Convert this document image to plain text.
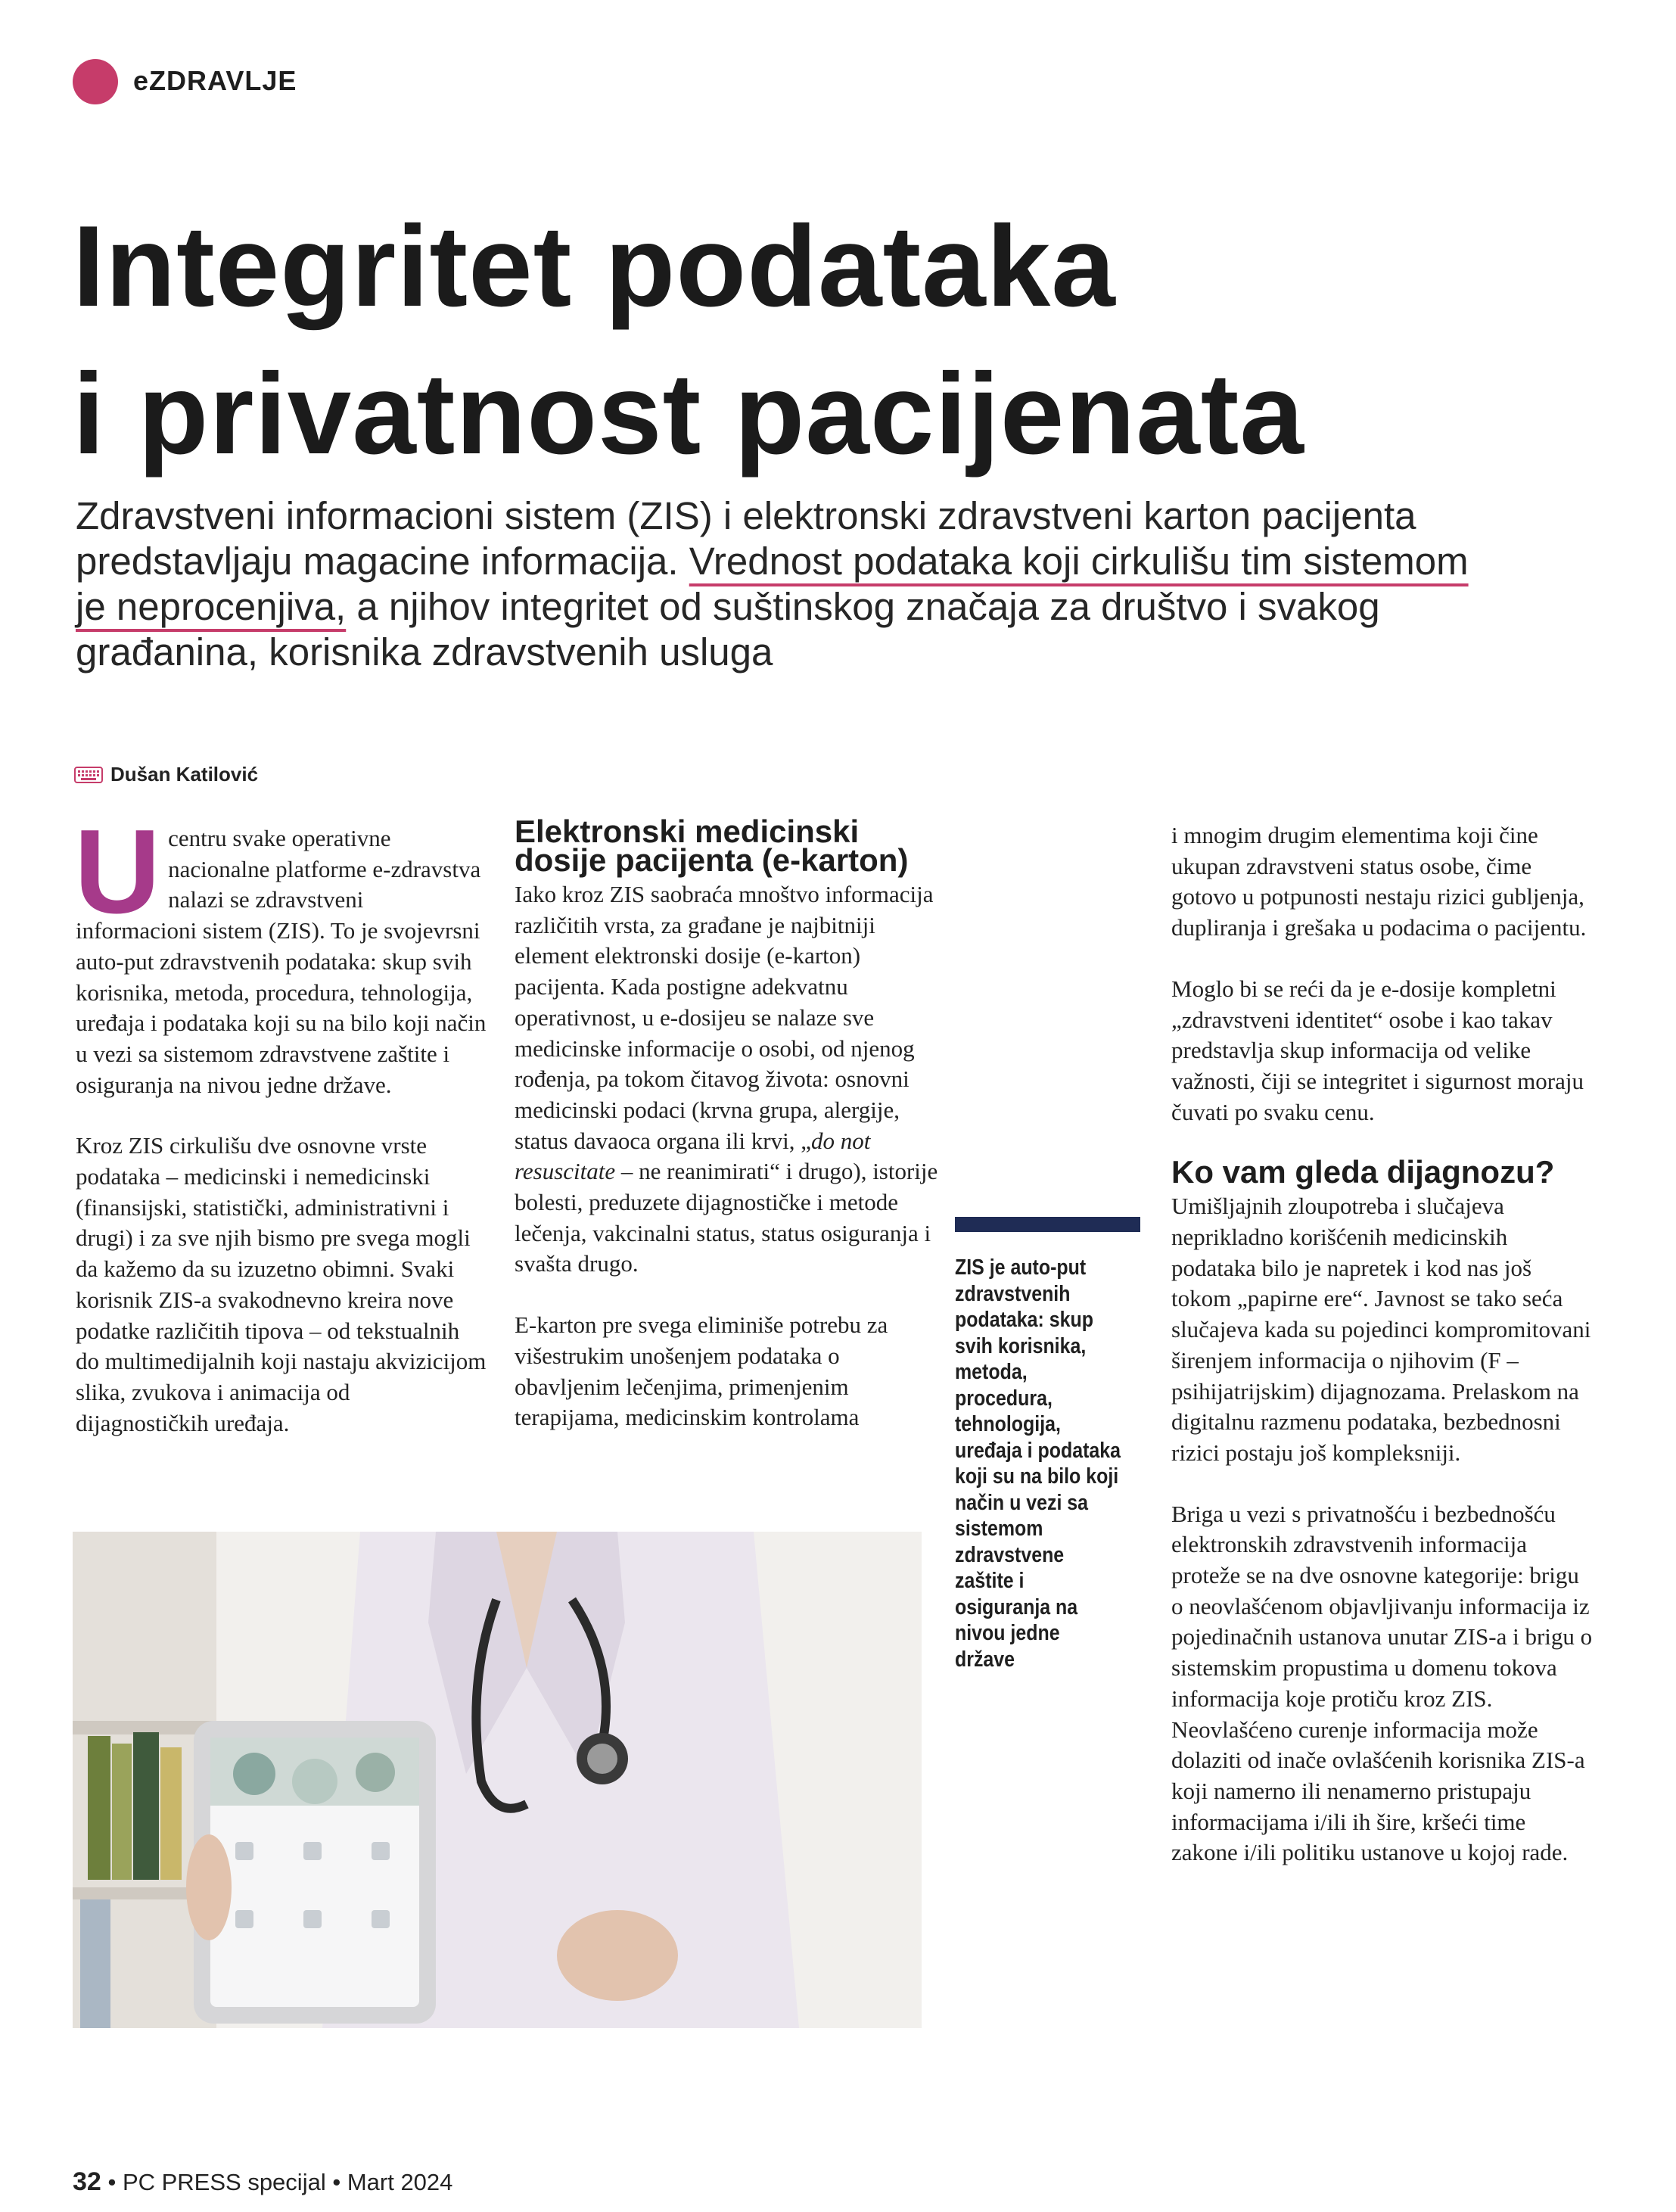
eZDRAVLJE
Integritet podataka
i privatnost pacijenata
Zdravstveni informacioni sistem (ZIS) i elektronski zdravstveni karton pacijenta predstavljaju magacine informacija. Vrednost podataka koji cirkulišu tim sistemom je neprocenjiva, a njihov integritet od suštinskog značaja za društvo i svakog građanina, korisnika zdravstvenih usluga
Dušan Katilović

Ucentru svake operativne nacionalne platforme e-zdravstva nalazi se zdravstveni informacioni sistem (ZIS). To je svojevrsni auto-put zdravstvenih podataka: skup svih korisnika, metoda, procedura, tehnologija, uređaja i podataka koji su na bilo koji način u vezi sa sistemom zdravstvene zaštite i osiguranja na nivou jedne države.

Kroz ZIS cirkulišu dve osnovne vrste podataka – medicinski i nemedicinski (finansijski, statistički, administrativni i drugi) i za sve njih bismo pre svega mogli da kažemo da su izuzetno obimni. Svaki korisnik ZIS-a svakodnevno kreira nove podatke različitih tipova – od tekstualnih do multimedijalnih koji nastaju akvizicijom slika, zvukova i animacija od dijagnostičkih uređaja.

Elektronski medicinski dosije pacijenta (e-karton)

Iako kroz ZIS saobraća mnoštvo informacija različitih vrsta, za građane je najbitniji element elektronski dosije (e-karton) pacijenta. Kada postigne adekvatnu operativnost, u e-dosijeu se nalaze sve medicinske informacije o osobi, od njenog rođenja, pa tokom čitavog života: osnovni medicinski podaci (krvna grupa, alergije, status davaoca organa ili krvi, „do not resuscitate – ne reanimirati“ i drugo), istorije bolesti, preduzete dijagnostičke i metode lečenja, vakcinalni status, status osiguranja i svašta drugo.

E-karton pre svega eliminiše potrebu za višestrukim unošenjem podataka o obavljenim lečenjima, primenjenim terapijama, medicinskim kontrolama

ZIS je auto-put zdravstvenih podataka: skup svih korisnika, metoda, procedura, tehnologija, uređaja i podataka koji su na bilo koji način u vezi sa sistemom zdravstvene zaštite i osiguranja na nivou jedne države

i mnogim drugim elementima koji čine ukupan zdravstveni status osobe, čime gotovo u potpunosti nestaju rizici gubljenja, dupliranja i grešaka u podacima o pacijentu.

Moglo bi se reći da je e-dosije kompletni „zdravstveni identitet“ osobe i kao takav predstavlja skup informacija od velike važnosti, čiji se integritet i sigurnost moraju čuvati po svaku cenu.

Ko vam gleda dijagnozu?

Umišljajnih zloupotreba i slučajeva neprikladno korišćenih medicinskih podataka bilo je napretek i kod nas još tokom „papirne ere“. Javnost se tako seća slučajeva kada su pojedinci kompromitovani širenjem informacija o njihovim (F – psihijatrijskim) dijagnozama. Prelaskom na digitalnu razmenu podataka, bezbednosni rizici postaju još kompleksniji.

Briga u vezi s privatnošću i bezbednošću elektronskih zdravstvenih informacija proteže se na dve osnovne kategorije: brigu o neovlašćenom objavljivanju informacija iz pojedinačnih ustanova unutar ZIS-a i brigu o sistemskim propustima u domenu tokova informacija koje protiču kroz ZIS. Neovlašćeno curenje informacija može dolaziti od inače ovlašćenih korisnika ZIS-a koji namerno ili nenamerno pristupaju informacijama i/ili ih šire, kršeći time zakone i/ili politiku ustanove u kojoj rade.

32 • PC PRESS specijal • Mart 2024
